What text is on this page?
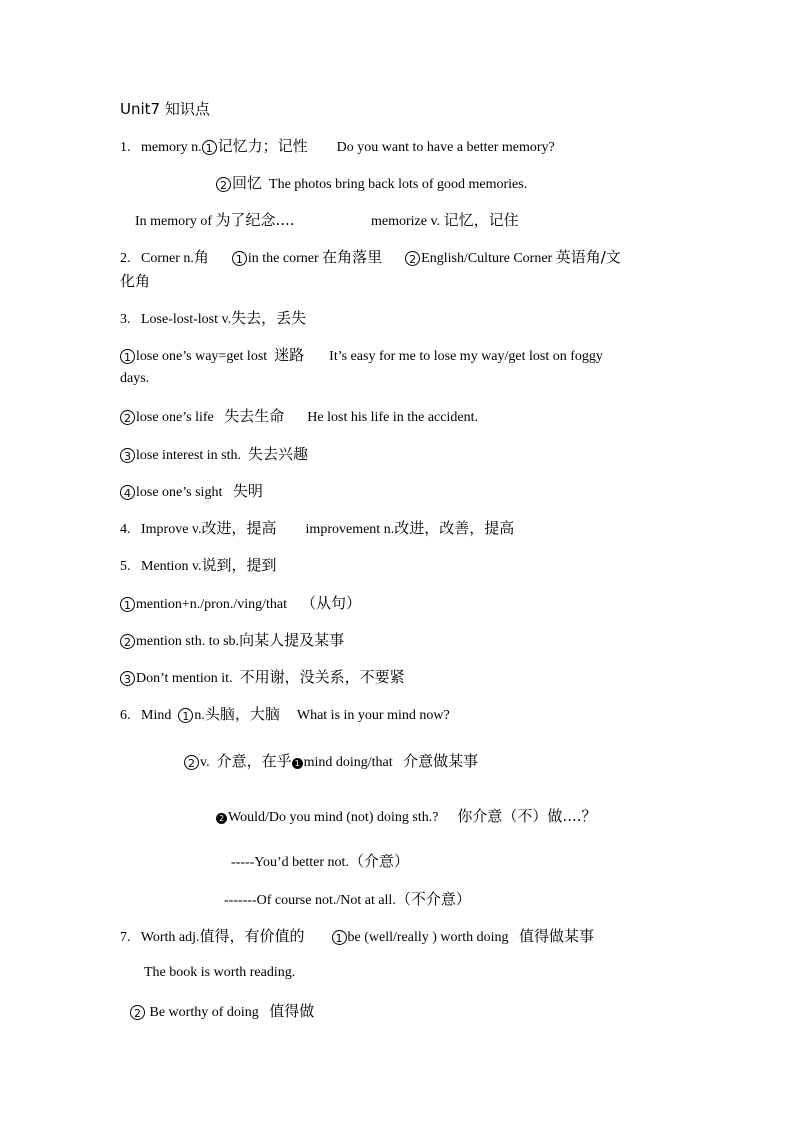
Unit7 知识点
1. memory n. 1 记忆力；记性 Do you want to have a better memory?
2 回忆 The photos bring back lots of good memories.
In memory of 为了纪念....	memorize v. 记忆，记住
2. Corner n.角 1 in the corner 在角落里 2 English/Culture Corner 英语角/文
化角
3. Lose-lost-lost v.失去，丢失
1 lose one’s way=get lost 迷路 It’s easy for me to lose my way/get lost on foggy
days.
2 lose one’s life 失去生命 He lost his life in the accident.
3 lose interest in sth. 失去兴趣
4 lose one’s sight 失明
4. Improve v.改进，提高 improvement n.改进，改善，提高
5. Mention v.说到，提到
1 mention+n./pron./ving/that （从句）
2 mention sth. to sb.向某人提及某事
3 Don’t mention it. 不用谢，没关系，不要紧
6. Mind 1 n.头脑，大脑 What is in your mind now?
2 v. 介意，在乎 1 mind doing/that 介意做某事
2 Would/Do you mind (not) doing sth.? 你介意（不）做....？
-----You’d better not.（介意）
-------Of course not./Not at all.（不介意）
7. Worth adj.值得，有价值的	1 be (well/really ) worth doing 值得做某事
The book is worth reading.
2 Be worthy of doing 值得做
